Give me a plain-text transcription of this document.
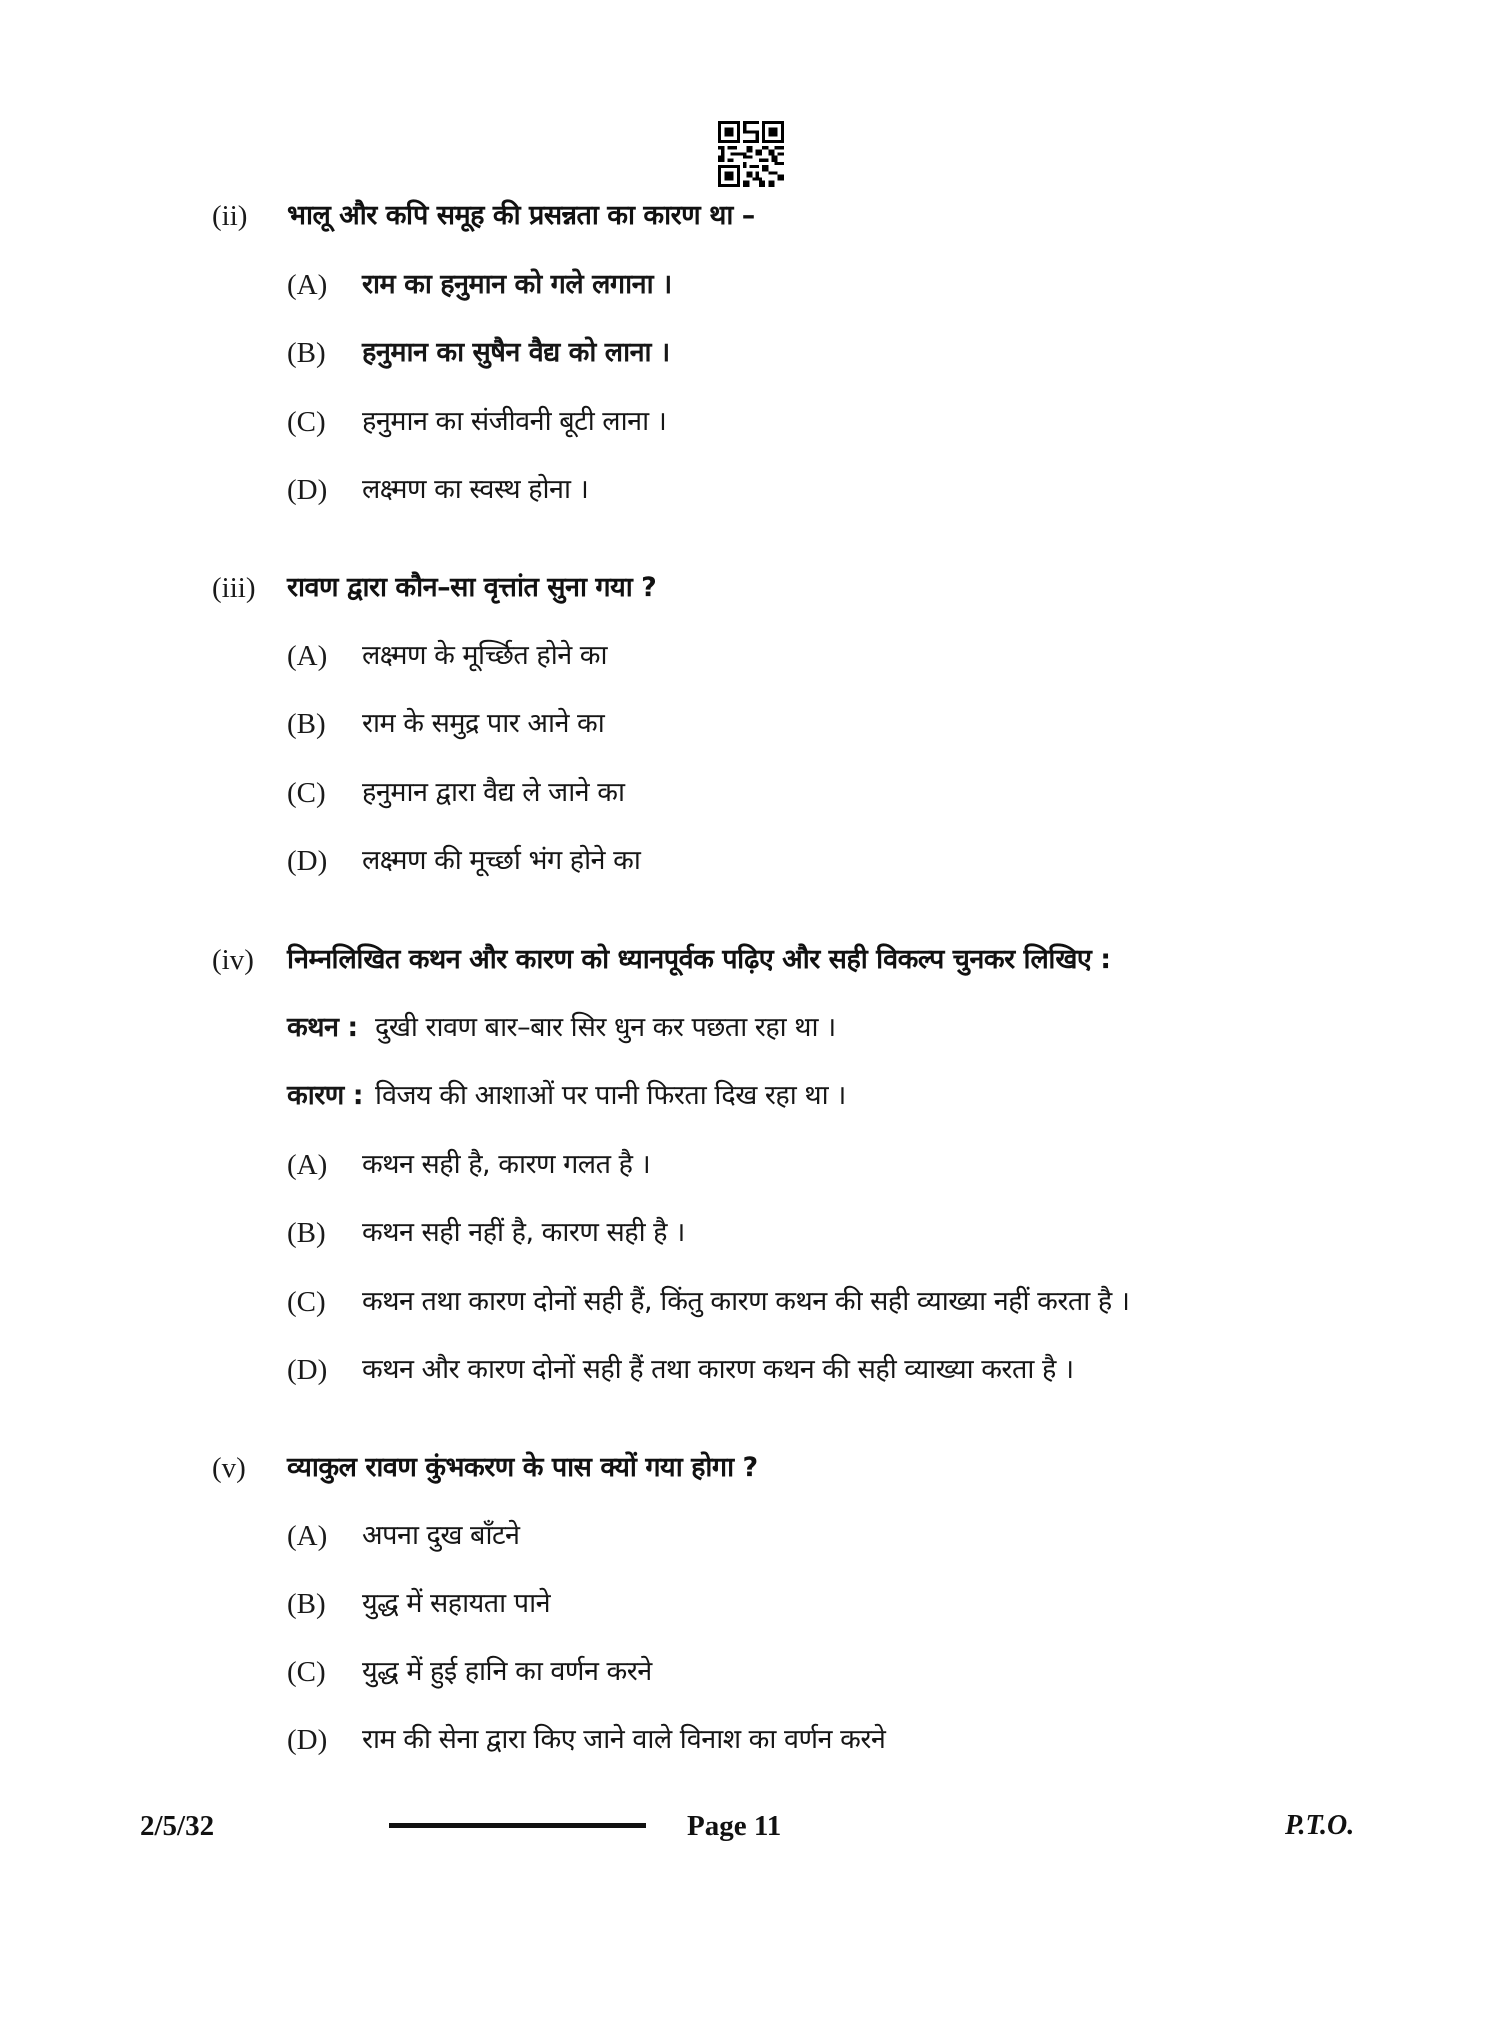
(ii) भालू और कपि समूह की प्रसन्नता का कारण था –
(A) राम का हनुमान को गले लगाना ।
(B) हनुमान का सुषैन वैद्य को लाना ।
(C) हनुमान का संजीवनी बूटी लाना ।
(D) लक्ष्मण का स्वस्थ होना ।
(iii) रावण द्वारा कौन–सा वृत्तांत सुना गया ?
(A) लक्ष्मण के मूर्च्छित होने का
(B) राम के समुद्र पार आने का
(C) हनुमान द्वारा वैद्य ले जाने का
(D) लक्ष्मण की मूर्च्छा भंग होने का
(iv) निम्नलिखित कथन और कारण को ध्यानपूर्वक पढ़िए और सही विकल्प चुनकर लिखिए :
कथन : दुखी रावण बार–बार सिर धुन कर पछता रहा था ।
कारण : विजय की आशाओं पर पानी फिरता दिख रहा था ।
(A) कथन सही है, कारण गलत है ।
(B) कथन सही नहीं है, कारण सही है ।
(C) कथन तथा कारण दोनों सही हैं, किंतु कारण कथन की सही व्याख्या नहीं करता है ।
(D) कथन और कारण दोनों सही हैं तथा कारण कथन की सही व्याख्या करता है ।
(v) व्याकुल रावण कुंभकरण के पास क्यों गया होगा ?
(A) अपना दुख बाँटने
(B) युद्ध में सहायता पाने
(C) युद्ध में हुई हानि का वर्णन करने
(D) राम की सेना द्वारा किए जाने वाले विनाश का वर्णन करने
2/5/32	Page 11	P.T.O.
